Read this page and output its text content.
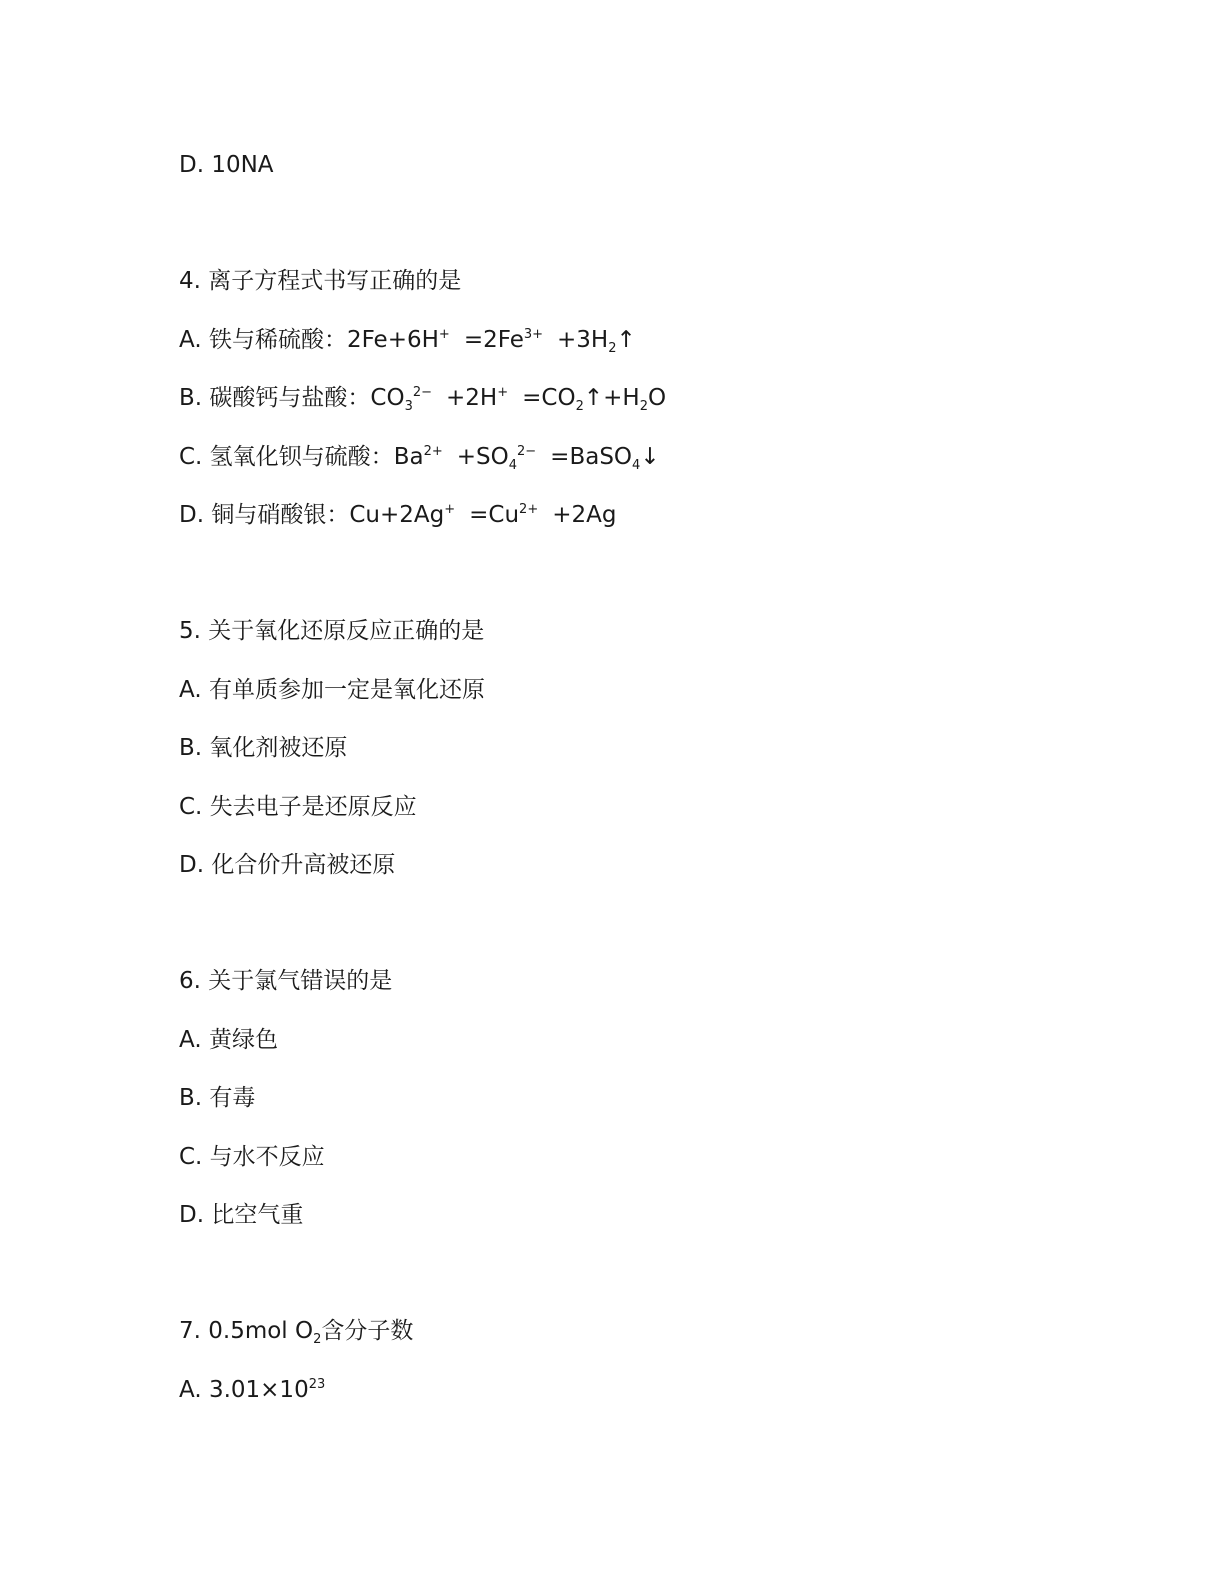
D. 10NA
4. 离子方程式书写正确的是
A. 铁与稀硫酸：$2Fe+6H^+ =2Fe^{3+}$ $+3H_2↑$
B. 碳酸钙与盐酸：$CO_3^{2-} +2H^+$ $=CO_2↑+H_2O$
C. 氢氧化钡与硫酸：$Ba^{2+} +SO_4^{2-}$ =BaSO$_4$↓
D. 铜与硝酸银：$Cu+2Ag^+ =Cu^{2+} +2Ag$
5. 关于氧化还原反应正确的是
A. 有单质参加一定是氧化还原
B. 氧化剂被还原
C. 失去电子是还原反应
D. 化合价升高被还原
6. 关于氯气错误的是
A. 黄绿色
B. 有毒
C. 与水不反应
D. 比空气重
7. 0.5mol $O_2$含分子数
A. $3.01\times 10^{23}$
